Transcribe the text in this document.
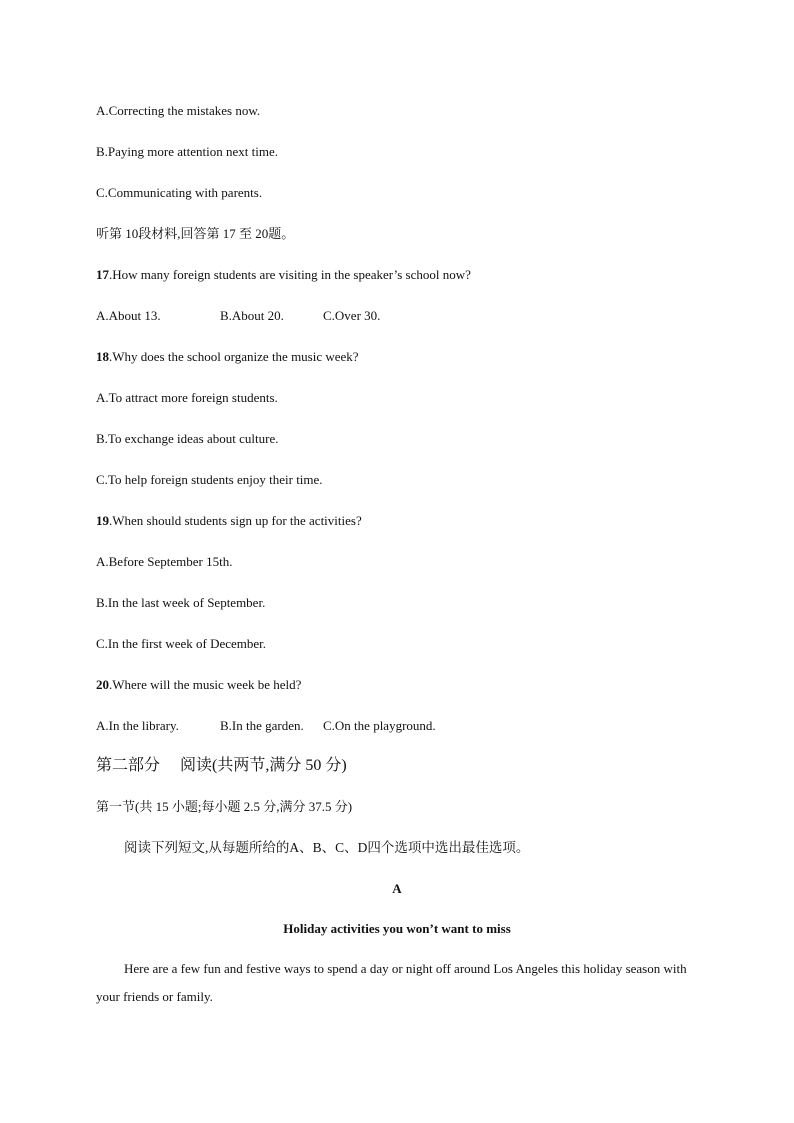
A.Correcting the mistakes now.
B.Paying more attention next time.
C.Communicating with parents.
听第 10段材料,回答第 17 至 20题。
17.How many foreign students are visiting in the speaker’s school now?
A.About 13.	B.About 20.	C.Over 30.
18.Why does the school organize the music week?
A.To attract more foreign students.
B.To exchange ideas about culture.
C.To help foreign students enjoy their time.
19.When should students sign up for the activities?
A.Before September 15th.
B.In the last week of September.
C.In the first week of December.
20.Where will the music week be held?
A.In the library.	B.In the garden.	C.On the playground.
第二部分 阅读(共两节,满分 50 分)
第一节(共 15 小题;每小题 2.5 分,满分 37.5 分)
阅读下列短文,从每题所给的A、B、C、D四个选项中选出最佳选项。
A
Holiday activities you won’t want to miss
Here are a few fun and festive ways to spend a day or night off around Los Angeles this holiday season with your friends or family.
